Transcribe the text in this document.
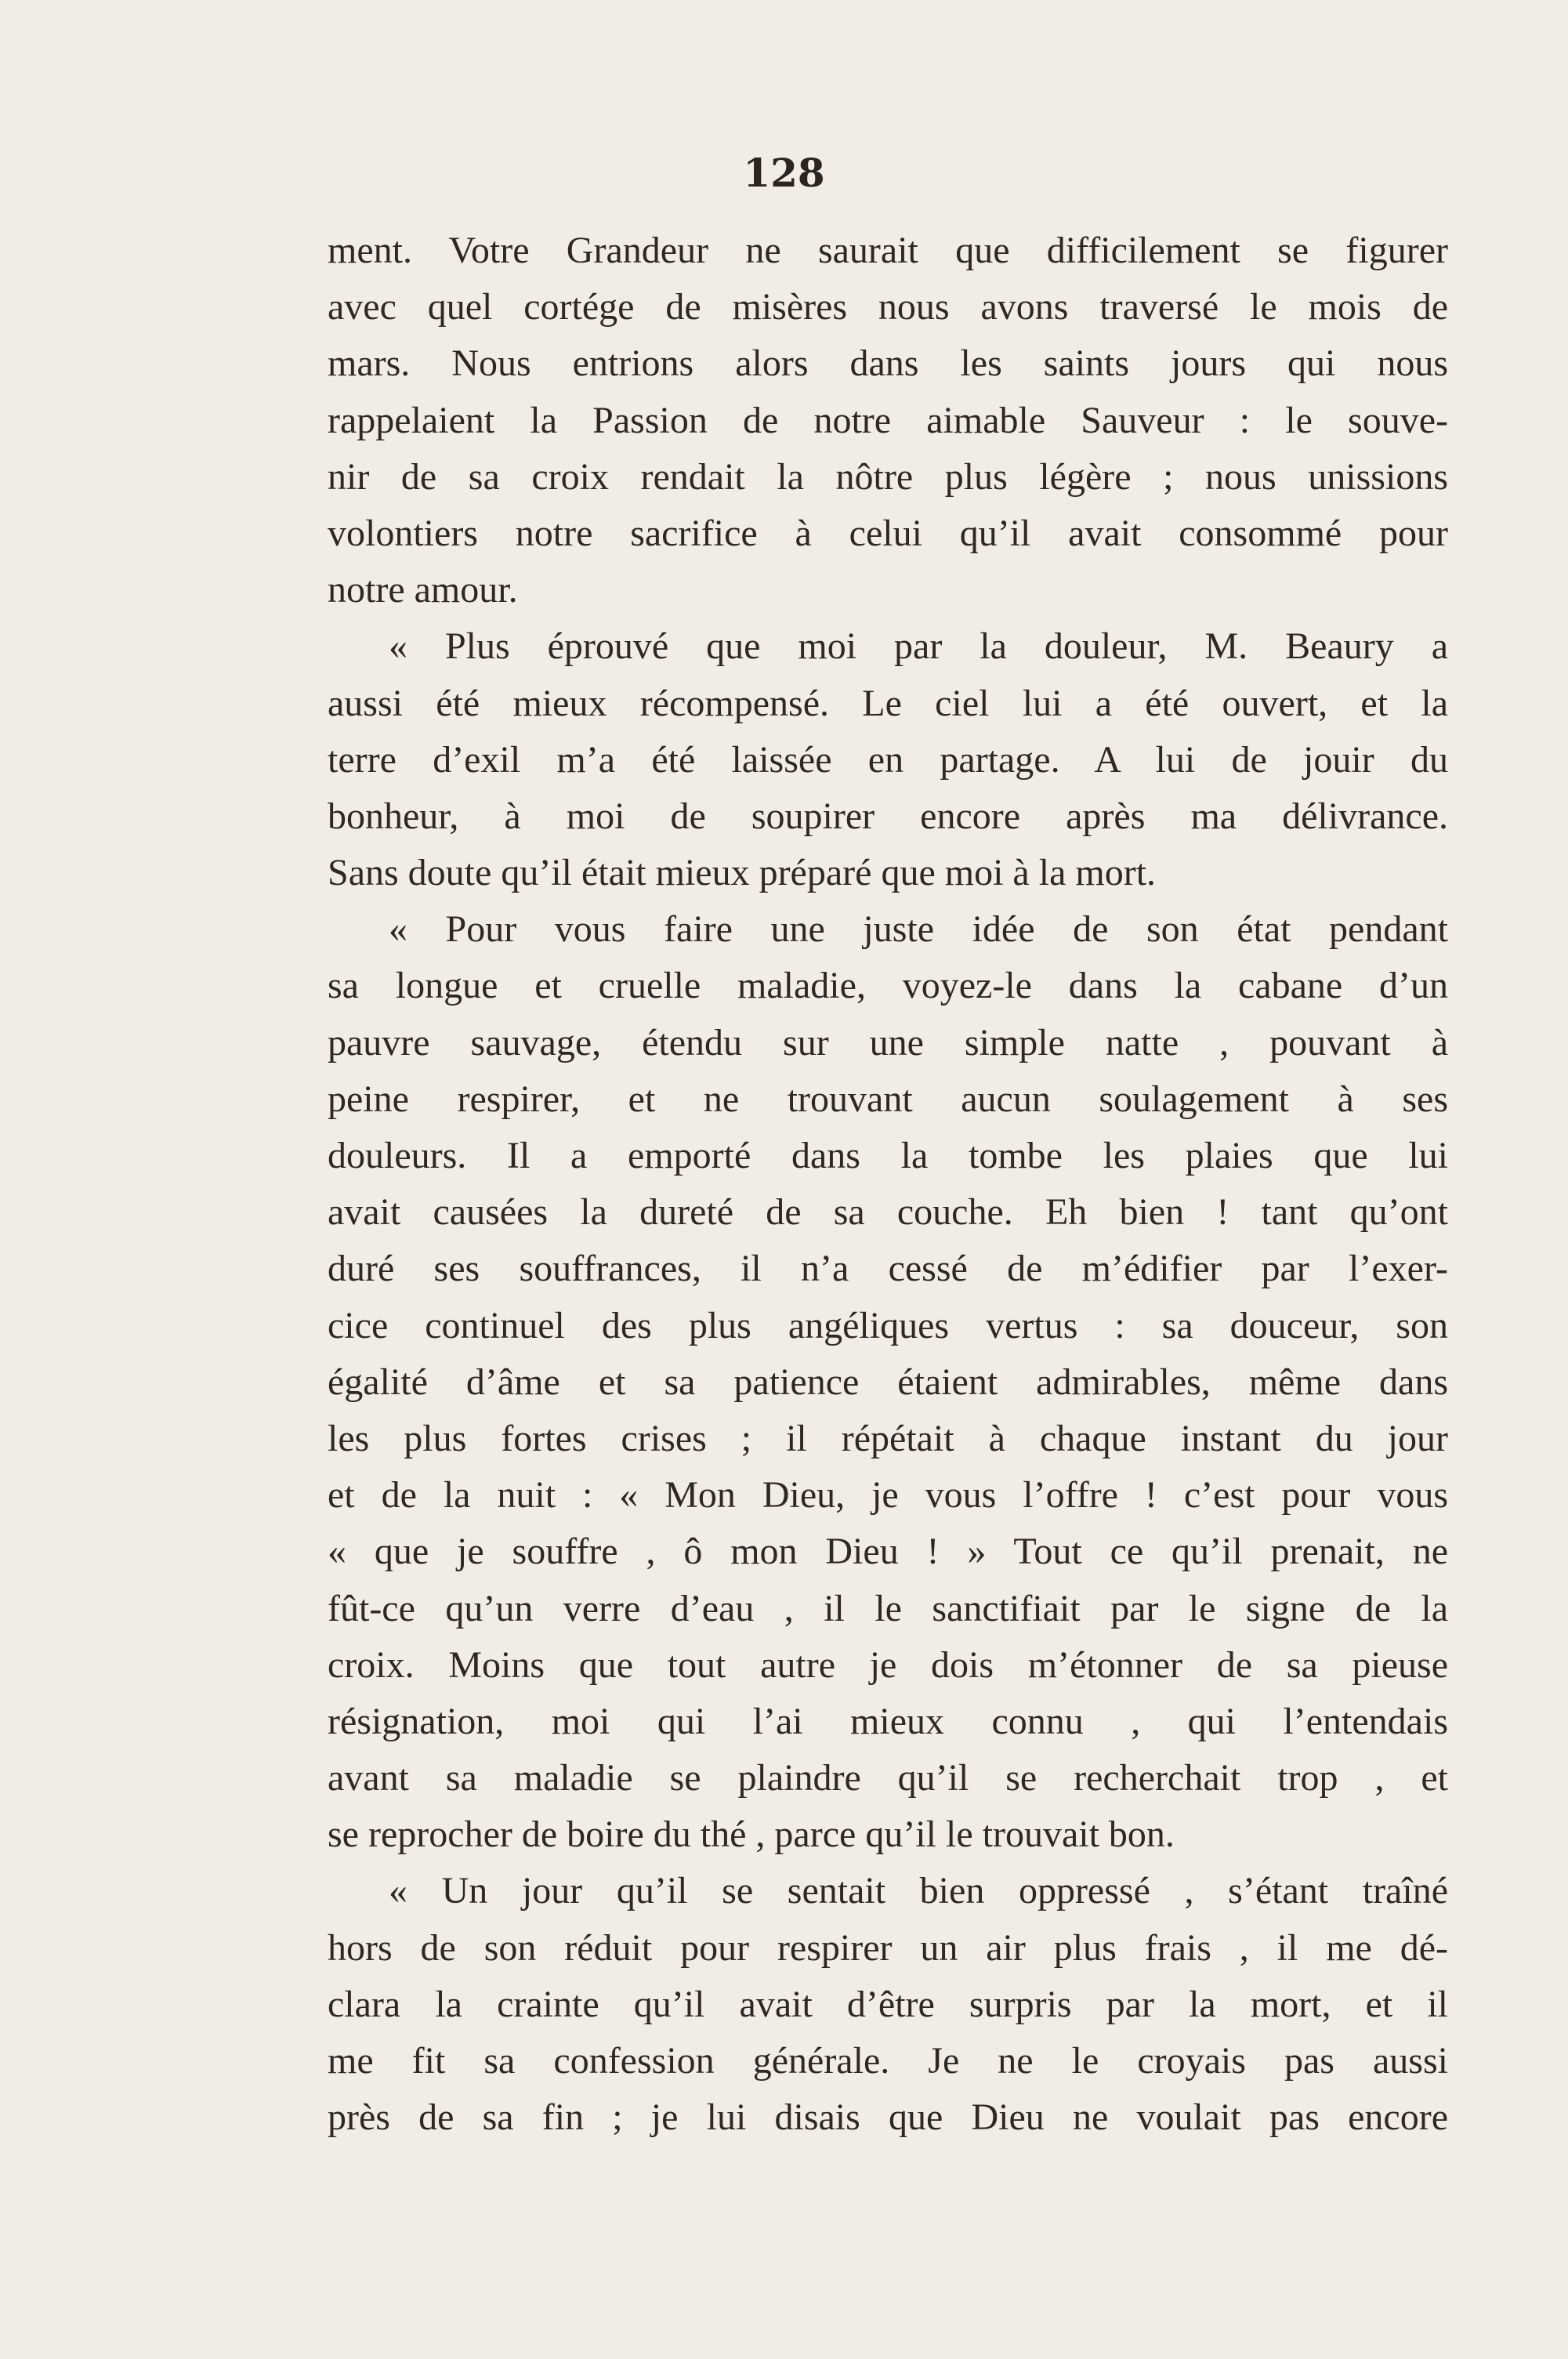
128
ment. Votre Grandeur ne saurait que difficilement se figurer
avec quel cortége de misères nous avons traversé le mois de
mars. Nous entrions alors dans les saints jours qui nous
rappelaient la Passion de notre aimable Sauveur : le souve-
nir de sa croix rendait la nôtre plus légère ; nous unissions
volontiers notre sacrifice à celui qu’il avait consommé pour
notre amour.
« Plus éprouvé que moi par la douleur, M. Beaury a
aussi été mieux récompensé. Le ciel lui a été ouvert, et la
terre d’exil m’a été laissée en partage. A lui de jouir du
bonheur, à moi de soupirer encore après ma délivrance.
Sans doute qu’il était mieux préparé que moi à la mort.
« Pour vous faire une juste idée de son état pendant
sa longue et cruelle maladie, voyez-le dans la cabane d’un
pauvre sauvage, étendu sur une simple natte , pouvant à
peine respirer, et ne trouvant aucun soulagement à ses
douleurs. Il a emporté dans la tombe les plaies que lui
avait causées la dureté de sa couche. Eh bien ! tant qu’ont
duré ses souffrances, il n’a cessé de m’édifier par l’exer-
cice continuel des plus angéliques vertus : sa douceur, son
égalité d’âme et sa patience étaient admirables, même dans
les plus fortes crises ; il répétait à chaque instant du jour
et de la nuit : « Mon Dieu, je vous l’offre ! c’est pour vous
« que je souffre , ô mon Dieu ! » Tout ce qu’il prenait, ne
fût-ce qu’un verre d’eau , il le sanctifiait par le signe de la
croix. Moins que tout autre je dois m’étonner de sa pieuse
résignation, moi qui l’ai mieux connu , qui l’entendais
avant sa maladie se plaindre qu’il se recherchait trop , et
se reprocher de boire du thé , parce qu’il le trouvait bon.
« Un jour qu’il se sentait bien oppressé , s’étant traîné
hors de son réduit pour respirer un air plus frais , il me dé-
clara la crainte qu’il avait d’être surpris par la mort, et il
me fit sa confession générale. Je ne le croyais pas aussi
près de sa fin ; je lui disais que Dieu ne voulait pas encore
